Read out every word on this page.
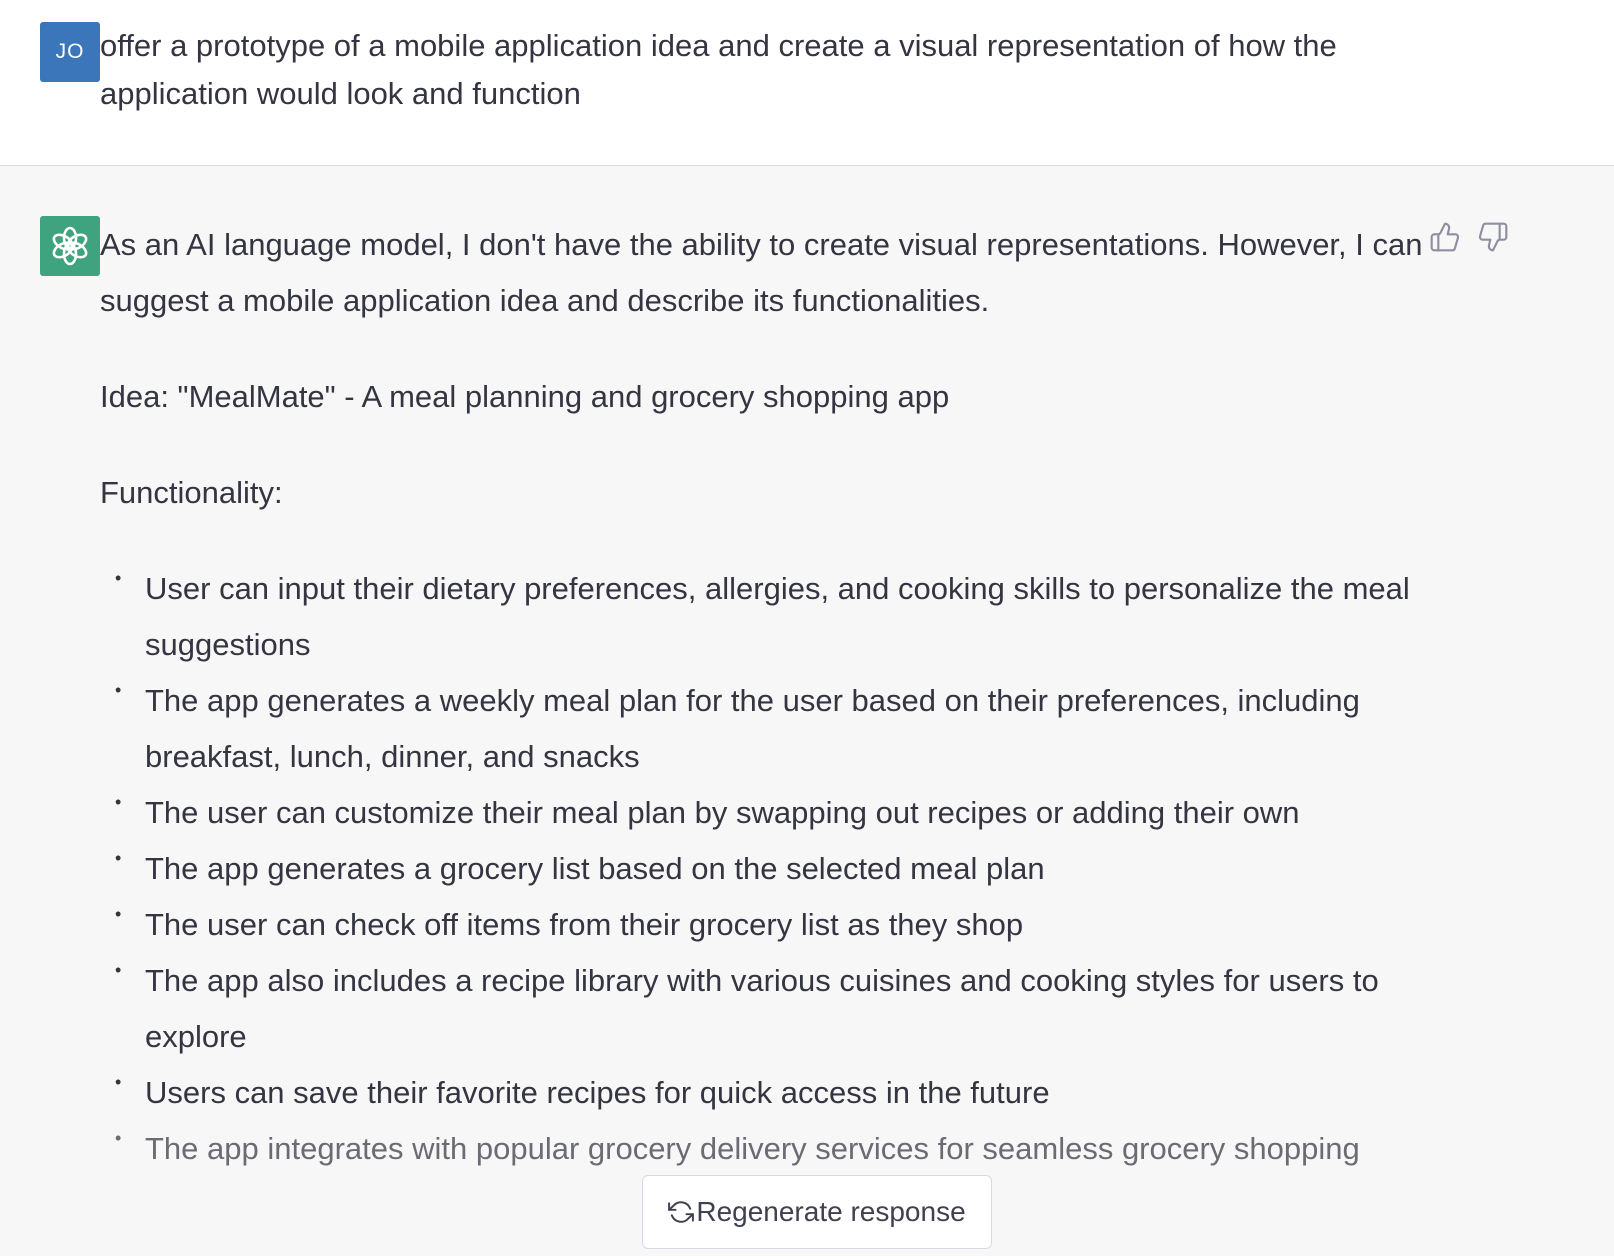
JO offer a prototype of a mobile application idea and create a visual representation of how the application would look and function

As an AI language model, I don't have the ability to create visual representations. However, I can suggest a mobile application idea and describe its functionalities.

Idea: "MealMate" - A meal planning and grocery shopping app

Functionality:

• User can input their dietary preferences, allergies, and cooking skills to personalize the meal suggestions
• The app generates a weekly meal plan for the user based on their preferences, including breakfast, lunch, dinner, and snacks
• The user can customize their meal plan by swapping out recipes or adding their own
• The app generates a grocery list based on the selected meal plan
• The user can check off items from their grocery list as they shop
• The app also includes a recipe library with various cuisines and cooking styles for users to explore
• Users can save their favorite recipes for quick access in the future
• The app integrates with popular grocery delivery services for seamless grocery shopping
Regenerate response
